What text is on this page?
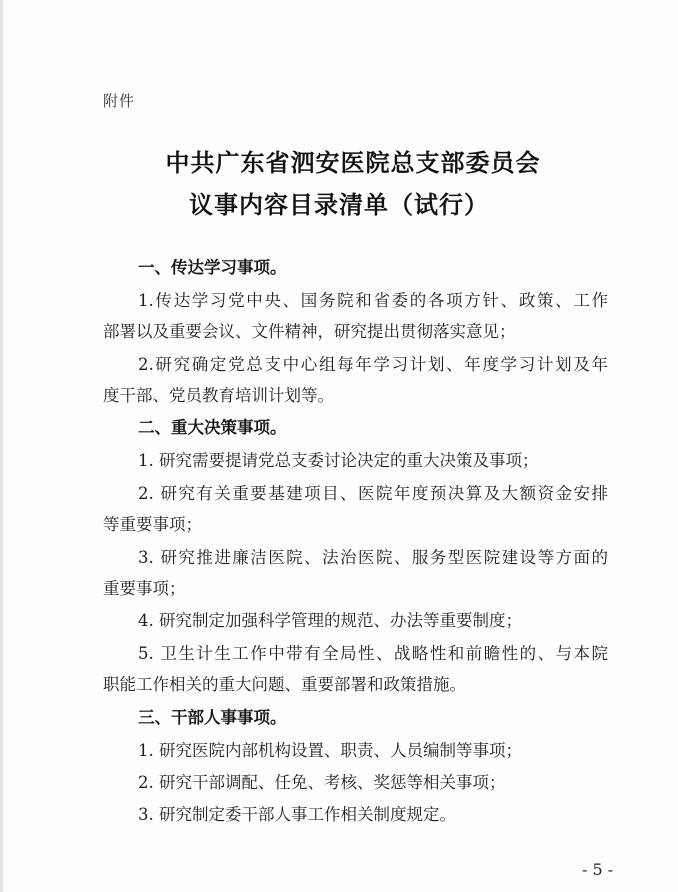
附件
中共广东省泗安医院总支部委员会
议事内容目录清单（试行）
一、传达学习事项。
1.传达学习党中央、国务院和省委的各项方针、政策、工作
部署以及重要会议、文件精神，研究提出贯彻落实意见；
2.研究确定党总支中心组每年学习计划、年度学习计划及年
度干部、党员教育培训计划等。
二、重大决策事项。
1. 研究需要提请党总支委讨论决定的重大决策及事项；
2. 研究有关重要基建项目、医院年度预决算及大额资金安排
等重要事项；
3. 研究推进廉洁医院、法治医院、服务型医院建设等方面的
重要事项；
4. 研究制定加强科学管理的规范、办法等重要制度；
5. 卫生计生工作中带有全局性、战略性和前瞻性的、与本院
职能工作相关的重大问题、重要部署和政策措施。
三、干部人事事项。
1. 研究医院内部机构设置、职责、人员编制等事项；
2. 研究干部调配、任免、考核、奖惩等相关事项；
3. 研究制定委干部人事工作相关制度规定。
- 5 -
